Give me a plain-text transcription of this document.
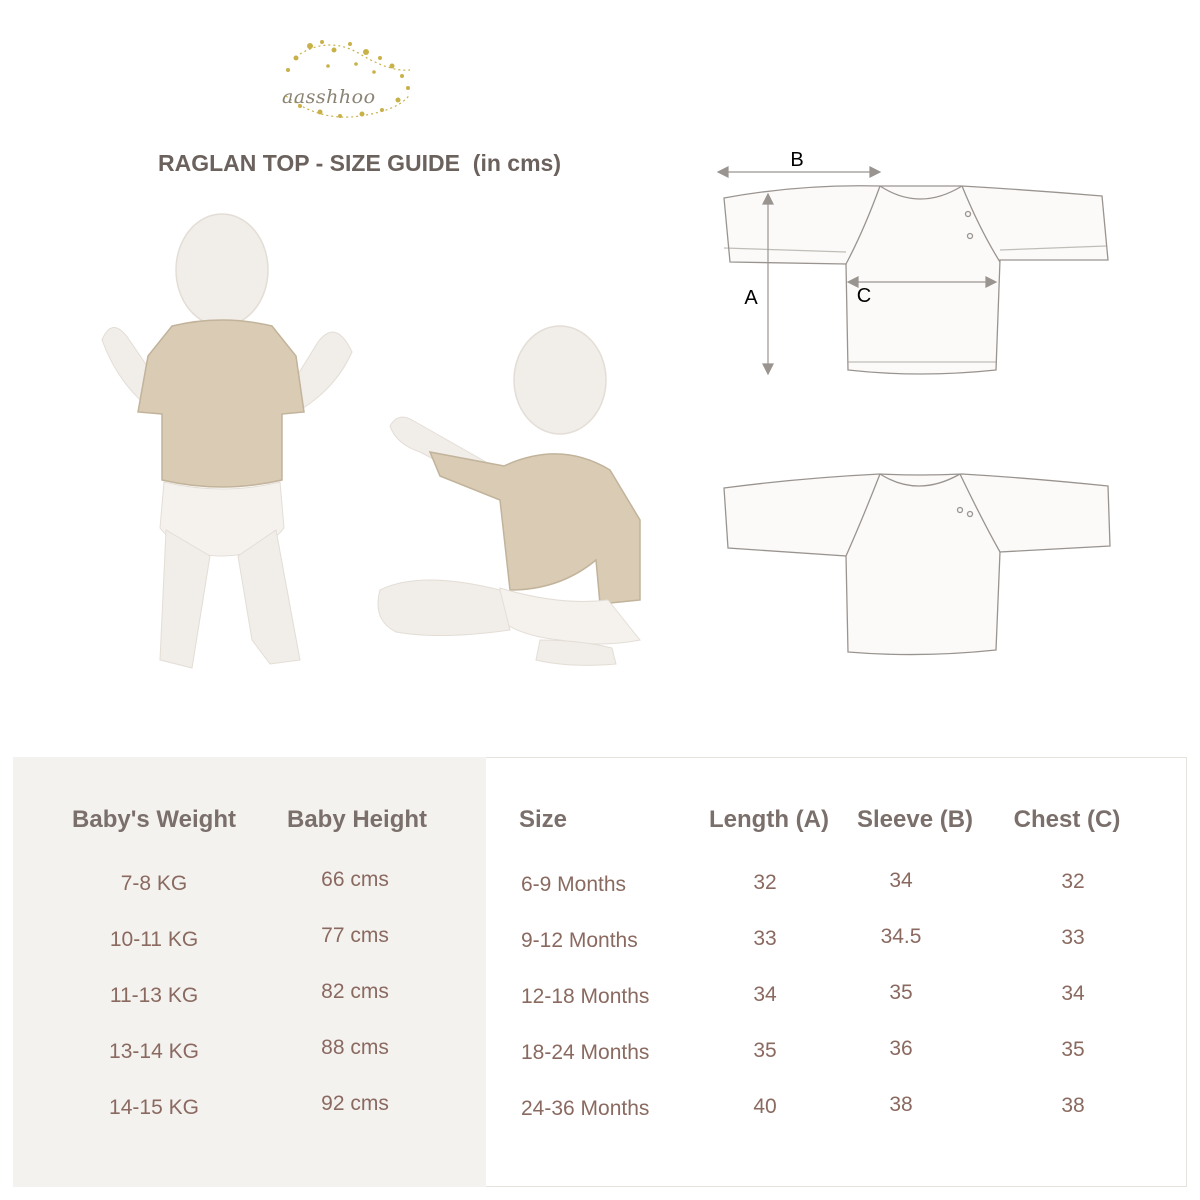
aasshhoo
RAGLAN TOP - SIZE GUIDE  (in cms)	B
A	C
Baby's Weight Baby Height	Size	Length (A) Sleeve (B) Chest (C)
7-8 KG	66 cms	6-9 Months	32	34	32
10-11 KG	77 cms	9-12 Months	33	34.5	33
11-13 KG	82 cms	12-18 Months	34	35	34
13-14 KG	88 cms	18-24 Months	35	36	35
14-15 KG	92 cms	24-36 Months	40	38	38
